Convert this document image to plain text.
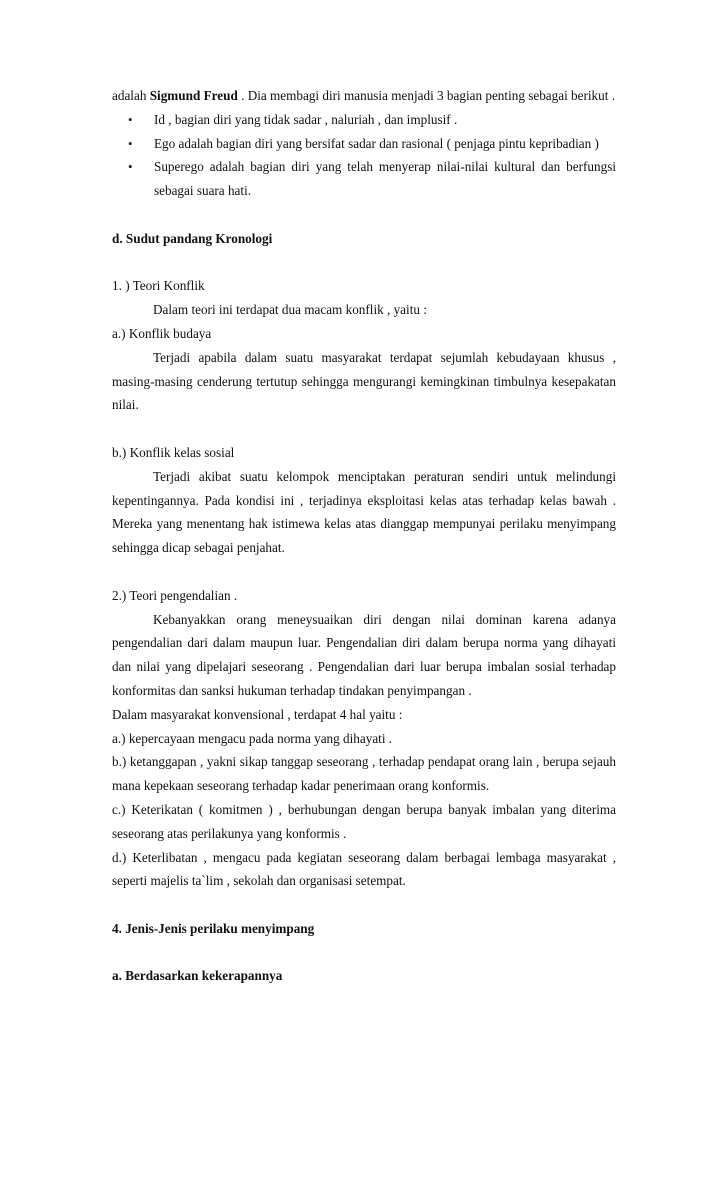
adalah Sigmund Freud . Dia membagi diri manusia menjadi 3 bagian penting sebagai berikut .

• Id , bagian diri yang tidak sadar , naluriah , dan implusif .
• Ego adalah bagian diri yang bersifat sadar dan rasional ( penjaga pintu kepribadian )
• Superego adalah bagian diri yang telah menyerap nilai-nilai kultural dan berfungsi sebagai suara hati.

d. Sudut pandang Kronologi

1. ) Teori Konflik

Dalam teori ini terdapat dua macam konflik , yaitu :

a.) Konflik budaya

Terjadi apabila dalam suatu masyarakat terdapat sejumlah kebudayaan khusus , masing-masing cenderung tertutup sehingga mengurangi kemingkinan timbulnya kesepakatan nilai.

b.) Konflik kelas sosial

Terjadi akibat suatu kelompok menciptakan peraturan sendiri untuk melindungi kepentingannya. Pada kondisi ini , terjadinya eksploitasi kelas atas terhadap kelas bawah . Mereka yang menentang hak istimewa kelas atas dianggap mempunyai perilaku menyimpang sehingga dicap sebagai penjahat.

2.) Teori pengendalian .

Kebanyakkan orang meneysuaikan diri dengan nilai dominan karena adanya pengendalian dari dalam maupun luar. Pengendalian diri dalam berupa norma yang dihayati dan nilai yang dipelajari seseorang . Pengendalian dari luar berupa imbalan sosial terhadap konformitas dan sanksi hukuman terhadap tindakan penyimpangan .

Dalam masyarakat konvensional , terdapat 4 hal yaitu :

a.) kepercayaan mengacu pada norma yang dihayati .

b.) ketanggapan , yakni sikap tanggap seseorang , terhadap pendapat orang lain , berupa sejauh mana kepekaan seseorang terhadap kadar penerimaan orang konformis.

c.) Keterikatan ( komitmen ) , berhubungan dengan berupa banyak imbalan yang diterima seseorang atas perilakunya yang konformis .

d.) Keterlibatan , mengacu pada kegiatan seseorang dalam berbagai lembaga masyarakat , seperti majelis ta`lim , sekolah dan organisasi setempat.

4. Jenis-Jenis perilaku menyimpang

a. Berdasarkan kekerapannya
